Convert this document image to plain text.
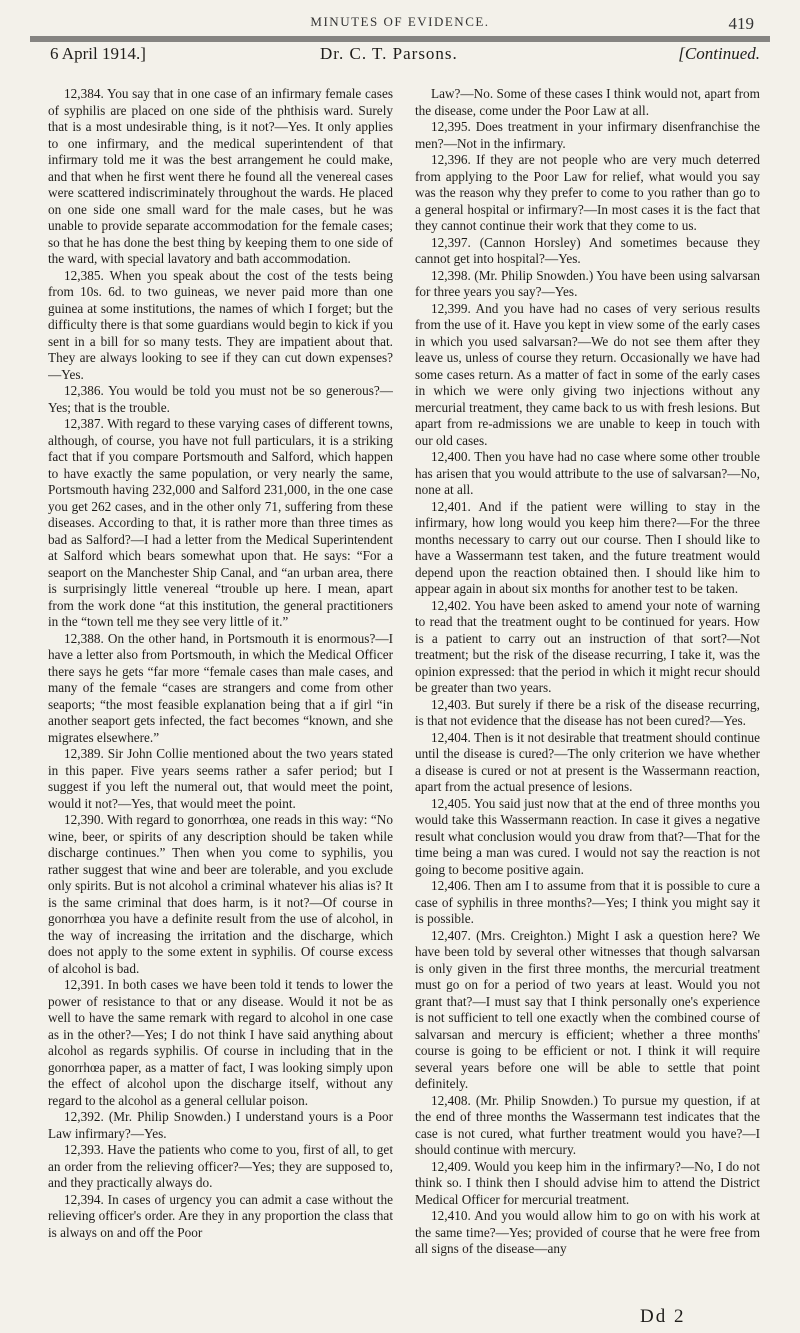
MINUTES OF EVIDENCE.	419
6 April 1914.]	Dr. C. T. Parsons.	[Continued.

12,384. You say that in one case of an infirmary female cases of syphilis are placed on one side of the phthisis ward. Surely that is a most undesirable thing, is it not?—Yes. It only applies to one infirmary, and the medical superintendent of that infirmary told me it was the best arrangement he could make, and that when he first went there he found all the venereal cases were scattered indiscriminately throughout the wards. He placed on one side one small ward for the male cases, but he was unable to provide separate accommodation for the female cases; so that he has done the best thing by keeping them to one side of the ward, with special lavatory and bath accommodation.

12,385. When you speak about the cost of the tests being from 10s. 6d. to two guineas, we never paid more than one guinea at some institutions, the names of which I forget; but the difficulty there is that some guardians would begin to kick if you sent in a bill for so many tests. They are impatient about that. They are always looking to see if they can cut down expenses?—Yes.

12,386. You would be told you must not be so generous?—Yes; that is the trouble.

12,387. With regard to these varying cases of different towns, although, of course, you have not full particulars, it is a striking fact that if you compare Portsmouth and Salford, which happen to have exactly the same population, or very nearly the same, Portsmouth having 232,000 and Salford 231,000, in the one case you get 262 cases, and in the other only 71, suffering from these diseases. According to that, it is rather more than three times as bad as Salford?—I had a letter from the Medical Superintendent at Salford which bears somewhat upon that. He says: “For a seaport on the Manchester Ship Canal, and “an urban area, there is surprisingly little venereal “trouble up here. I mean, apart from the work done “at this institution, the general practitioners in the “town tell me they see very little of it.”

12,388. On the other hand, in Portsmouth it is enormous?—I have a letter also from Portsmouth, in which the Medical Officer there says he gets “far more “female cases than male cases, and many of the female “cases are strangers and come from other seaports; “the most feasible explanation being that a if girl “in another seaport gets infected, the fact becomes “known, and she migrates elsewhere.”

12,389. Sir John Collie mentioned about the two years stated in this paper. Five years seems rather a safer period; but I suggest if you left the numeral out, that would meet the point, would it not?—Yes, that would meet the point.

12,390. With regard to gonorrhœa, one reads in this way: “No wine, beer, or spirits of any description should be taken while discharge continues.” Then when you come to syphilis, you rather suggest that wine and beer are tolerable, and you exclude only spirits. But is not alcohol a criminal whatever his alias is? It is the same criminal that does harm, is it not?—Of course in gonorrhœa you have a definite result from the use of alcohol, in the way of increasing the irritation and the discharge, which does not apply to the some extent in syphilis. Of course excess of alcohol is bad.

12,391. In both cases we have been told it tends to lower the power of resistance to that or any disease. Would it not be as well to have the same remark with regard to alcohol in one case as in the other?—Yes; I do not think I have said anything about alcohol as regards syphilis. Of course in including that in the gonorrhœa paper, as a matter of fact, I was looking simply upon the effect of alcohol upon the discharge itself, without any regard to the alcohol as a general cellular poison.

12,392. (Mr. Philip Snowden.) I understand yours is a Poor Law infirmary?—Yes.

12,393. Have the patients who come to you, first of all, to get an order from the relieving officer?—Yes; they are supposed to, and they practically always do.

12,394. In cases of urgency you can admit a case without the relieving officer's order. Are they in any proportion the class that is always on and off the Poor

Law?—No. Some of these cases I think would not, apart from the disease, come under the Poor Law at all.

12,395. Does treatment in your infirmary disenfranchise the men?—Not in the infirmary.

12,396. If they are not people who are very much deterred from applying to the Poor Law for relief, what would you say was the reason why they prefer to come to you rather than go to a general hospital or infirmary?—In most cases it is the fact that they cannot continue their work that they come to us.

12,397. (Cannon Horsley) And sometimes because they cannot get into hospital?—Yes.

12,398. (Mr. Philip Snowden.) You have been using salvarsan for three years you say?—Yes.

12,399. And you have had no cases of very serious results from the use of it. Have you kept in view some of the early cases in which you used salvarsan?—We do not see them after they leave us, unless of course they return. Occasionally we have had some cases return. As a matter of fact in some of the early cases in which we were only giving two injections without any mercurial treatment, they came back to us with fresh lesions. But apart from re-admissions we are unable to keep in touch with our old cases.

12,400. Then you have had no case where some other trouble has arisen that you would attribute to the use of salvarsan?—No, none at all.

12,401. And if the patient were willing to stay in the infirmary, how long would you keep him there?—For the three months necessary to carry out our course. Then I should like to have a Wassermann test taken, and the future treatment would depend upon the reaction obtained then. I should like him to appear again in about six months for another test to be taken.

12,402. You have been asked to amend your note of warning to read that the treatment ought to be continued for years. How is a patient to carry out an instruction of that sort?—Not treatment; but the risk of the disease recurring, I take it, was the opinion expressed: that the period in which it might recur should be greater than two years.

12,403. But surely if there be a risk of the disease recurring, is that not evidence that the disease has not been cured?—Yes.

12,404. Then is it not desirable that treatment should continue until the disease is cured?—The only criterion we have whether a disease is cured or not at present is the Wassermann reaction, apart from the actual presence of lesions.

12,405. You said just now that at the end of three months you would take this Wassermann reaction. In case it gives a negative result what conclusion would you draw from that?—That for the time being a man was cured. I would not say the reaction is not going to become positive again.

12,406. Then am I to assume from that it is possible to cure a case of syphilis in three months?—Yes; I think you might say it is possible.

12,407. (Mrs. Creighton.) Might I ask a question here? We have been told by several other witnesses that though salvarsan is only given in the first three months, the mercurial treatment must go on for a period of two years at least. Would you not grant that?—I must say that I think personally one's experience is not sufficient to tell one exactly when the combined course of salvarsan and mercury is efficient; whether a three months' course is going to be efficient or not. I think it will require several years before one will be able to settle that point definitely.

12,408. (Mr. Philip Snowden.) To pursue my question, if at the end of three months the Wassermann test indicates that the case is not cured, what further treatment would you have?—I should continue with mercury.

12,409. Would you keep him in the infirmary?—No, I do not think so. I think then I should advise him to attend the District Medical Officer for mercurial treatment.

12,410. And you would allow him to go on with his work at the same time?—Yes; provided of course that he were free from all signs of the disease—any

Dd 2
